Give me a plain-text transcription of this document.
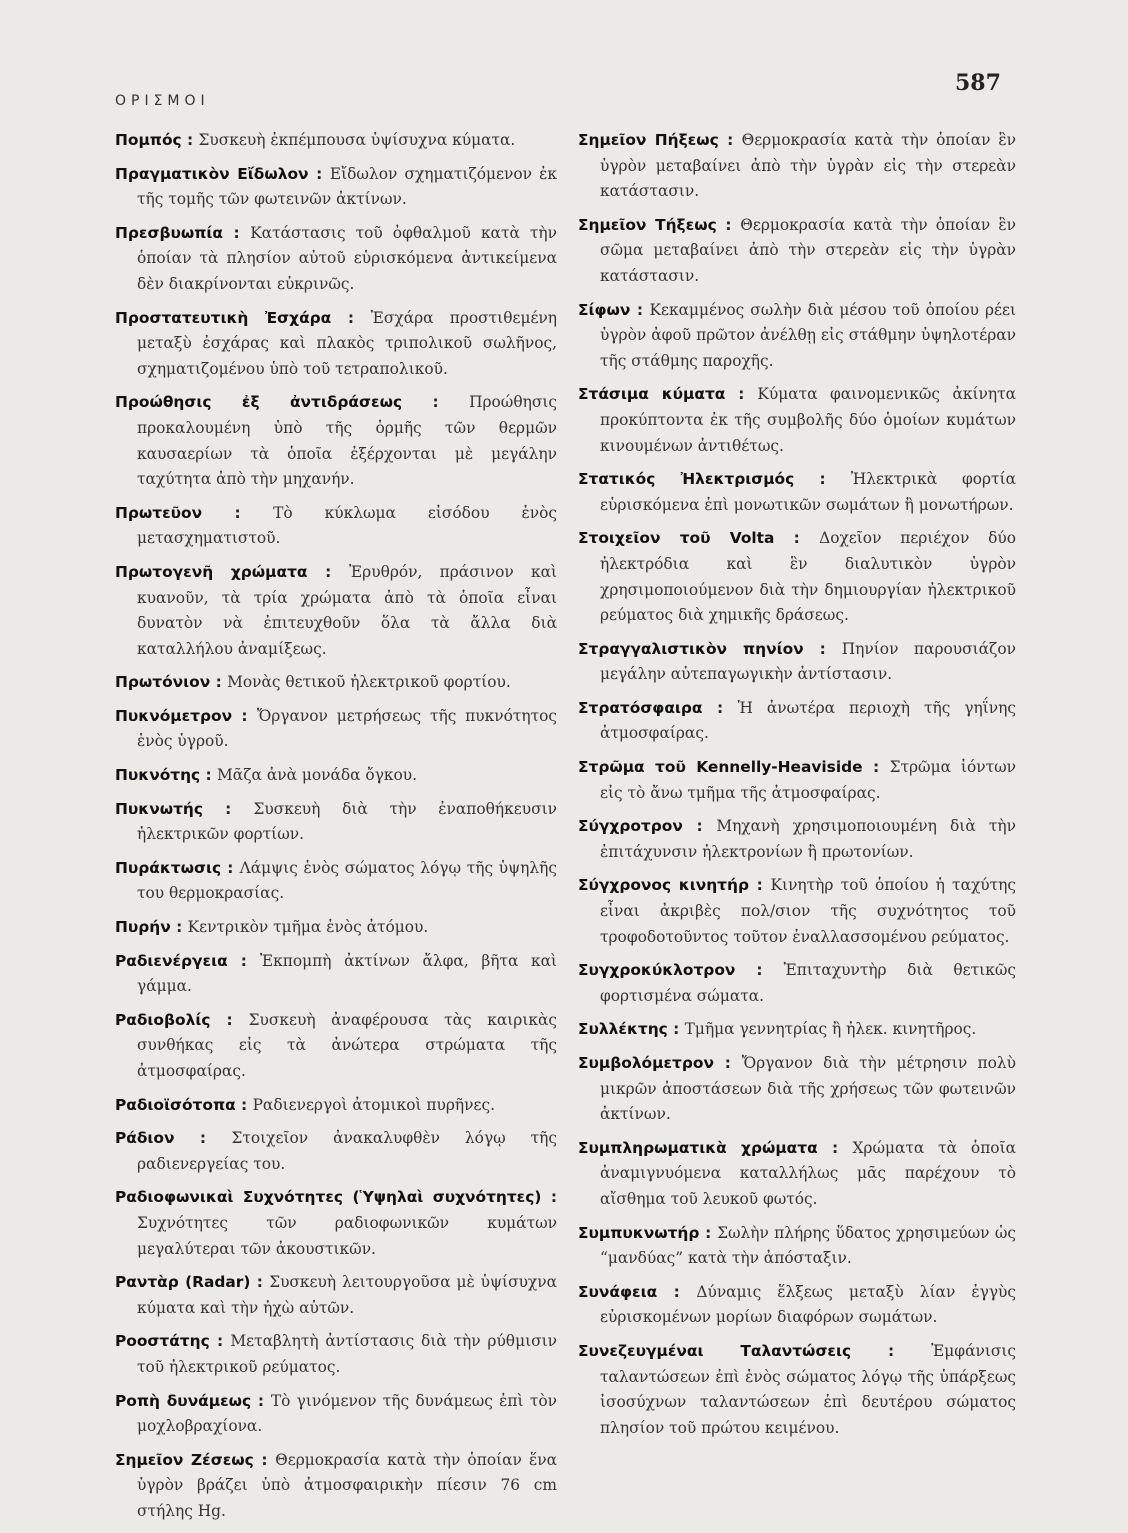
ΟΡΙΣΜΟΙ
587

Πομπός : Συσκευὴ ἐκπέμπουσα ὑψίσυχνα κύματα.

Πραγματικὸν Εἴδωλον : Εἴδωλον σχηματιζόμενον ἐκ τῆς τομῆς τῶν φωτεινῶν ἀκτίνων.

Πρεσβυωπία : Κατάστασις τοῦ ὀφθαλμοῦ κατὰ τὴν ὁποίαν τὰ πλησίον αὐτοῦ εὑρισκόμενα ἀντικείμενα δὲν διακρίνονται εὐκρινῶς.

Προστατευτικὴ Ἐσχάρα : Ἐσχάρα προστιθεμένη μεταξὺ ἐσχάρας καὶ πλακὸς τριπολικοῦ σωλῆνος, σχηματιζομένου ὑπὸ τοῦ τετραπολικοῦ.

Προώθησις ἐξ ἀντιδράσεως : Προώθησις προκαλουμένη ὑπὸ τῆς ὁρμῆς τῶν θερμῶν καυσαερίων τὰ ὁποῖα ἐξέρχονται μὲ μεγάλην ταχύτητα ἀπὸ τὴν μηχανήν.

Πρωτεῦον : Τὸ κύκλωμα εἰσόδου ἑνὸς μετασχηματιστοῦ.

Πρωτογενῆ χρώματα : Ἐρυθρόν, πράσινον καὶ κυανοῦν, τὰ τρία χρώματα ἀπὸ τὰ ὁποῖα εἶναι δυνατὸν νὰ ἐπιτευχθοῦν ὅλα τὰ ἄλλα διὰ καταλλήλου ἀναμίξεως.

Πρωτόνιον : Μονὰς θετικοῦ ἠλεκτρικοῦ φορτίου.

Πυκνόμετρον : Ὄργανον μετρήσεως τῆς πυκνότητος ἑνὸς ὑγροῦ.

Πυκνότης : Μᾶζα ἀνὰ μονάδα ὄγκου.

Πυκνωτής : Συσκευὴ διὰ τὴν ἐναποθήκευσιν ἠλεκτρικῶν φορτίων.

Πυράκτωσις : Λάμψις ἑνὸς σώματος λόγῳ τῆς ὑψηλῆς του θερμοκρασίας.

Πυρήν : Κεντρικὸν τμῆμα ἑνὸς ἀτόμου.

Ραδιενέργεια : Ἐκπομπὴ ἀκτίνων ἄλφα, βῆτα καὶ γάμμα.

Ραδιοβολίς : Συσκευὴ ἀναφέρουσα τὰς καιρικὰς συνθήκας εἰς τὰ ἀνώτερα στρώματα τῆς ἀτμοσφαίρας.

Ραδιοϊσότοπα : Ραδιενεργοὶ ἀτομικοὶ πυρῆνες.

Ράδιον : Στοιχεῖον ἀνακαλυφθὲν λόγῳ τῆς ραδιενεργείας του.

Ραδιοφωνικαὶ Συχνότητες (Ὑψηλαὶ συχνότητες) : Συχνότητες τῶν ραδιοφωνικῶν κυμάτων μεγαλύτεραι τῶν ἀκουστικῶν.

Ραντὰρ (Radar) : Συσκευὴ λειτουργοῦσα μὲ ὑψίσυχνα κύματα καὶ τὴν ἠχὼ αὐτῶν.

Ροοστάτης : Μεταβλητὴ ἀντίστασις διὰ τὴν ρύθμισιν τοῦ ἠλεκτρικοῦ ρεύματος.

Ροπὴ δυνάμεως : Τὸ γινόμενον τῆς δυνάμεως ἐπὶ τὸν μοχλοβραχίονα.

Σημεῖον Ζέσεως : Θερμοκρασία κατὰ τὴν ὁποίαν ἕνα ὑγρὸν βράζει ὑπὸ ἀτμοσφαιρικὴν πίεσιν 76 cm στήλης Hg.

Σημεῖον Πήξεως : Θερμοκρασία κατὰ τὴν ὁποίαν ἓν ὑγρὸν μεταβαίνει ἀπὸ τὴν ὑγρὰν εἰς τὴν στερεὰν κατάστασιν.

Σημεῖον Τήξεως : Θερμοκρασία κατὰ τὴν ὁποίαν ἓν σῶμα μεταβαίνει ἀπὸ τὴν στερεὰν εἰς τὴν ὑγρὰν κατάστασιν.

Σίφων : Κεκαμμένος σωλὴν διὰ μέσου τοῦ ὁποίου ρέει ὑγρὸν ἀφοῦ πρῶτον ἀνέλθῃ εἰς στάθμην ὑψηλοτέραν τῆς στάθμης παροχῆς.

Στάσιμα κύματα : Κύματα φαινομενικῶς ἀκίνητα προκύπτοντα ἐκ τῆς συμβολῆς δύο ὁμοίων κυμάτων κινουμένων ἀντιθέτως.

Στατικός Ἠλεκτρισμός : Ἠλεκτρικὰ φορτία εὑρισκόμενα ἐπὶ μονωτικῶν σωμάτων ἢ μονωτήρων.

Στοιχεῖον τοῦ Volta : Δοχεῖον περιέχον δύο ἠλεκτρόδια καὶ ἓν διαλυτικὸν ὑγρὸν χρησιμοποιούμενον διὰ τὴν δημιουργίαν ἠλεκτρικοῦ ρεύματος διὰ χημικῆς δράσεως.

Στραγγαλιστικὸν πηνίον : Πηνίον παρουσιάζον μεγάλην αὐτεπαγωγικὴν ἀντίστασιν.

Στρατόσφαιρα : Ἡ ἀνωτέρα περιοχὴ τῆς γηΐνης ἀτμοσφαίρας.

Στρῶμα τοῦ Kennelly-Heaviside : Στρῶμα ἰόντων εἰς τὸ ἄνω τμῆμα τῆς ἀτμοσφαίρας.

Σύγχροτρον : Μηχανὴ χρησιμοποιουμένη διὰ τὴν ἐπιτάχυνσιν ἠλεκτρονίων ἢ πρωτονίων.

Σύγχρονος κινητήρ : Κινητὴρ τοῦ ὁποίου ἡ ταχύτης εἶναι ἀκριβὲς πολ/σιον τῆς συχνότητος τοῦ τροφοδοτοῦντος τοῦτον ἐναλλασσομένου ρεύματος.

Συγχροκύκλοτρον : Ἐπιταχυντὴρ διὰ θετικῶς φορτισμένα σώματα.

Συλλέκτης : Τμῆμα γεννητρίας ἢ ἠλεκ. κινητῆρος.

Συμβολόμετρον : Ὄργανον διὰ τὴν μέτρησιν πολὺ μικρῶν ἀποστάσεων διὰ τῆς χρήσεως τῶν φωτεινῶν ἀκτίνων.

Συμπληρωματικὰ χρώματα : Χρώματα τὰ ὁποῖα ἀναμιγνυόμενα καταλλήλως μᾶς παρέχουν τὸ αἴσθημα τοῦ λευκοῦ φωτός.

Συμπυκνωτήρ : Σωλὴν πλήρης ὕδατος χρησιμεύων ὡς “μανδύας” κατὰ τὴν ἀπόσταξιν.

Συνάφεια : Δύναμις ἕλξεως μεταξὺ λίαν ἐγγὺς εὑρισκομένων μορίων διαφόρων σωμάτων.

Συνεζευγμέναι Ταλαντώσεις : Ἐμφάνισις ταλαντώσεων ἐπὶ ἑνὸς σώματος λόγῳ τῆς ὑπάρξεως ἰσοσύχνων ταλαντώσεων ἐπὶ δευτέρου σώματος πλησίον τοῦ πρώτου κειμένου.
